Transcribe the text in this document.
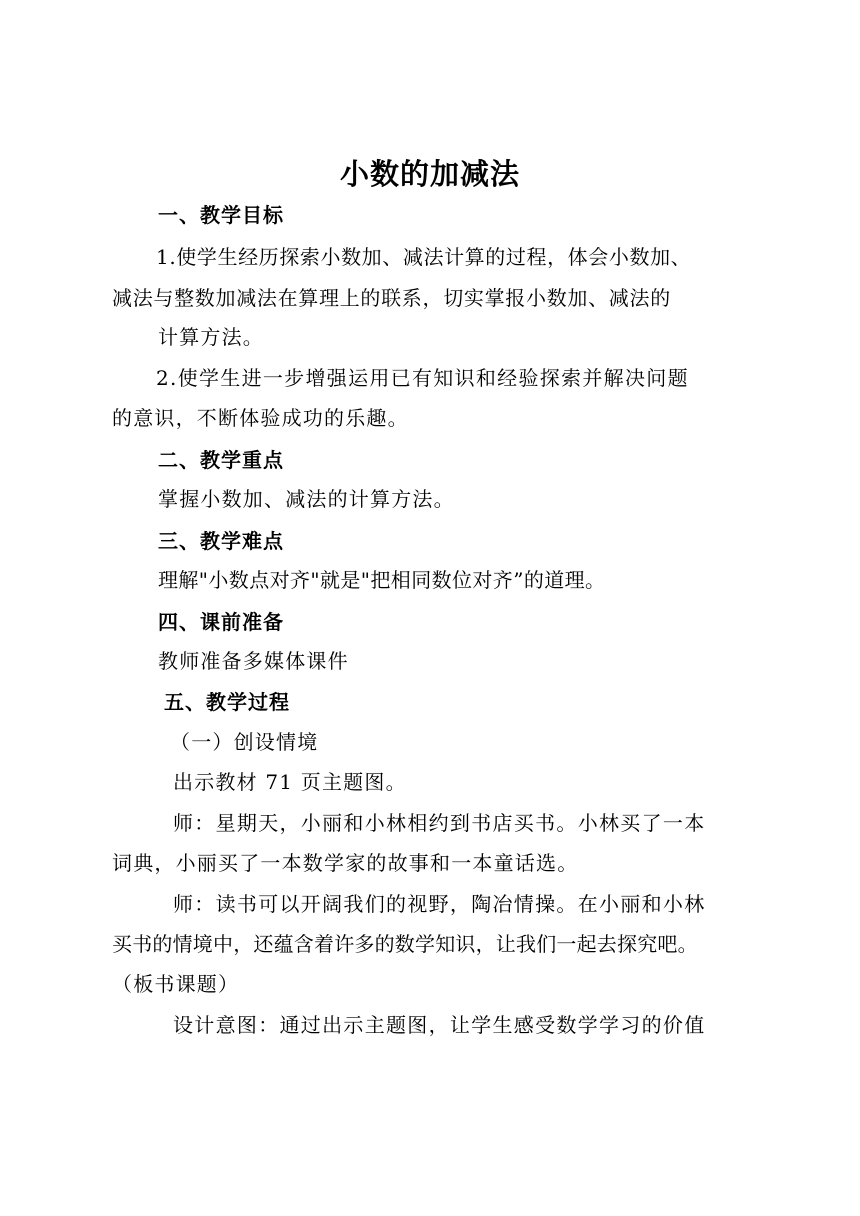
小数的加减法
一、教学目标
1.使学生经历探索小数加、减法计算的过程，体会小数加、
减法与整数加减法在算理上的联系，切实掌报小数加、减法的
计算方法。
2.使学生进一步增强运用已有知识和经验探索并解决问题
的意识，不断体验成功的乐趣。
二、教学重点
掌握小数加、减法的计算方法。
三、教学难点
理解"小数点对齐"就是"把相同数位对齐”的道理。
四、课前准备
教师准备多媒体课件
五、教学过程
（一）创设情境
出示教材 71 页主题图。
师：星期天，小丽和小林相约到书店买书。小林买了一本
词典，小丽买了一本数学家的故事和一本童话选。
师：读书可以开阔我们的视野，陶冶情操。在小丽和小林
买书的情境中，还蕴含着许多的数学知识，让我们一起去探究吧。
（板书课题）
设计意图：通过出示主题图，让学生感受数学学习的价值
